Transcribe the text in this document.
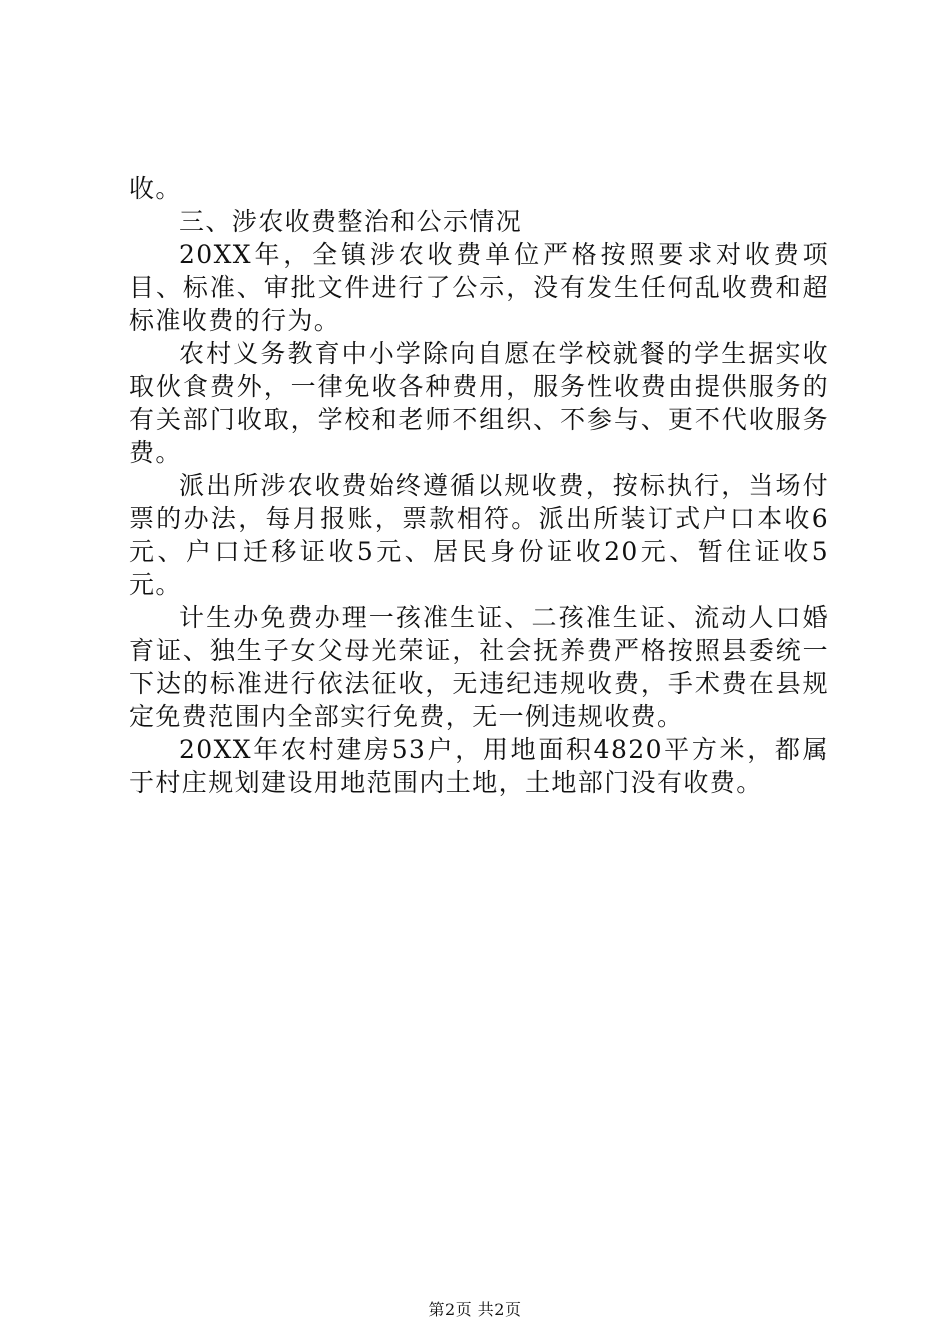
收。

三、涉农收费整治和公示情况

20XX年，全镇涉农收费单位严格按照要求对收费项目、标准、审批文件进行了公示，没有发生任何乱收费和超标准收费的行为。

农村义务教育中小学除向自愿在学校就餐的学生据实收取伙食费外，一律免收各种费用，服务性收费由提供服务的有关部门收取，学校和老师不组织、不参与、更不代收服务费。

派出所涉农收费始终遵循以规收费，按标执行，当场付票的办法，每月报账，票款相符。派出所装订式户口本收6元、户口迁移证收5元、居民身份证收20元、暂住证收5元。

计生办免费办理一孩准生证、二孩准生证、流动人口婚育证、独生子女父母光荣证，社会抚养费严格按照县委统一下达的标准进行依法征收，无违纪违规收费，手术费在县规定免费范围内全部实行免费，无一例违规收费。

20XX年农村建房53户，用地面积4820平方米，都属于村庄规划建设用地范围内土地，土地部门没有收费。

第2页 共2页
